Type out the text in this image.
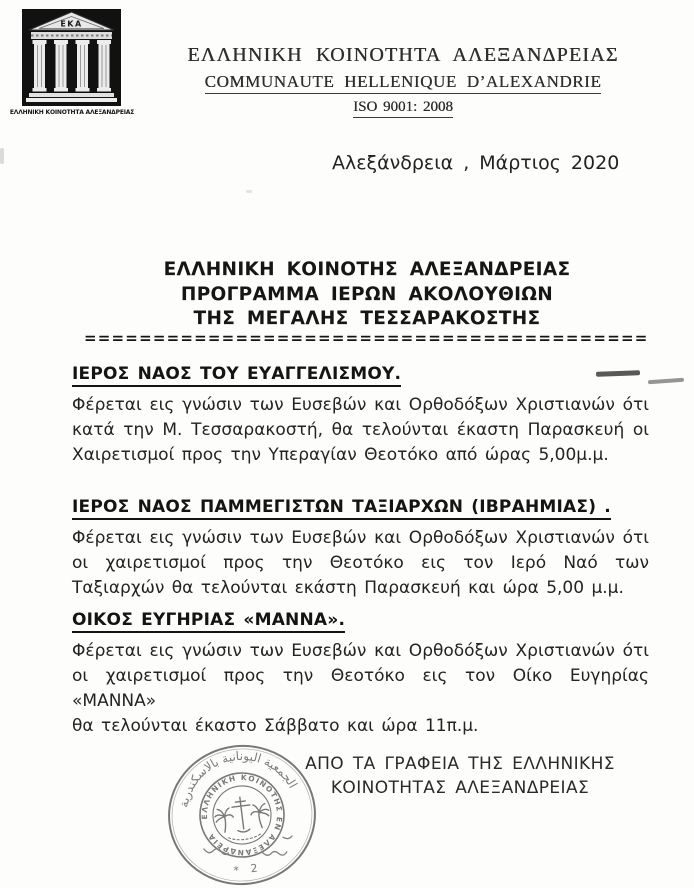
ΕΚΑ
ΕΛΛΗΝΙΚΗ ΚΟΙΝΟΤΗΤΑ ΑΛΕΞΑΝΔΡΕΙΑΣ
ΕΛΛΗΝΙΚΗ ΚΟΙΝΟΤΗΤΑ ΑΛΕΞΑΝΔΡΕΙΑΣ
COMMUNAUTE HELLENIQUE D’ALEXANDRIE
ISO 9001: 2008
Αλεξάνδρεια , Μάρτιος 2020
ΕΛΛΗΝΙΚΗ ΚΟΙΝΟΤΗΣ ΑΛΕΞΑΝΔΡΕΙΑΣ
ΠΡΟΓΡΑΜΜΑ ΙΕΡΩΝ ΑΚΟΛΟΥΘΙΩΝ
ΤΗΣ ΜΕΓΑΛΗΣ ΤΕΣΣΑΡΑΚΟΣΤΗΣ
=========================================
ΙΕΡΟΣ ΝΑΟΣ ΤΟΥ ΕΥΑΓΓΕΛΙΣΜΟΥ.
Φέρεται εις γνώσιν των Ευσεβών και Ορθοδόξων Χριστιανών ότι
κατά την Μ. Τεσσαρακοστή, θα τελούνται έκαστη Παρασκευή οι
Χαιρετισμοί προς την Υπεραγίαν Θεοτόκο από ώρας 5,00μ.μ.
ΙΕΡΟΣ ΝΑΟΣ ΠΑΜΜΕΓΙΣΤΩΝ ΤΑΞΙΑΡΧΩΝ (ΙΒΡΑΗΜΙΑΣ) .
Φέρεται εις γνώσιν των Ευσεβών και Ορθοδόξων Χριστιανών ότι
οι χαιρετισμοί προς την Θεοτόκο εις τον Ιερό Ναό των
Ταξιαρχών θα τελούνται εκάστη Παρασκευή και ώρα 5,00 μ.μ.
ΟΙΚΟΣ ΕΥΓΗΡΙΑΣ «ΜΑΝΝΑ».
Φέρεται εις γνώσιν των Ευσεβών και Ορθοδόξων Χριστιανών ότι
οι χαιρετισμοί προς την Θεοτόκο εις τον Οίκο Ευγηρίας «ΜΑΝΝΑ»
θα τελούνται έκαστο Σάββατο και ώρα 11π.μ.
ΑΠΟ ΤΑ ΓΡΑΦΕΙΑ ΤΗΣ ΕΛΛΗΝΙΚΗΣ
ΚΟΙΝΟΤΗΤΑΣ ΑΛΕΞΑΝΔΡΕΙΑΣ
الجمعية اليونانية بالاسكندرية
ΕΛΛΗΝΙΚΗ ΚΟΙΝΟΤΗΣ ΕΝ ΑΛΕΞΑΝΔΡΕΙΑ
* 2
